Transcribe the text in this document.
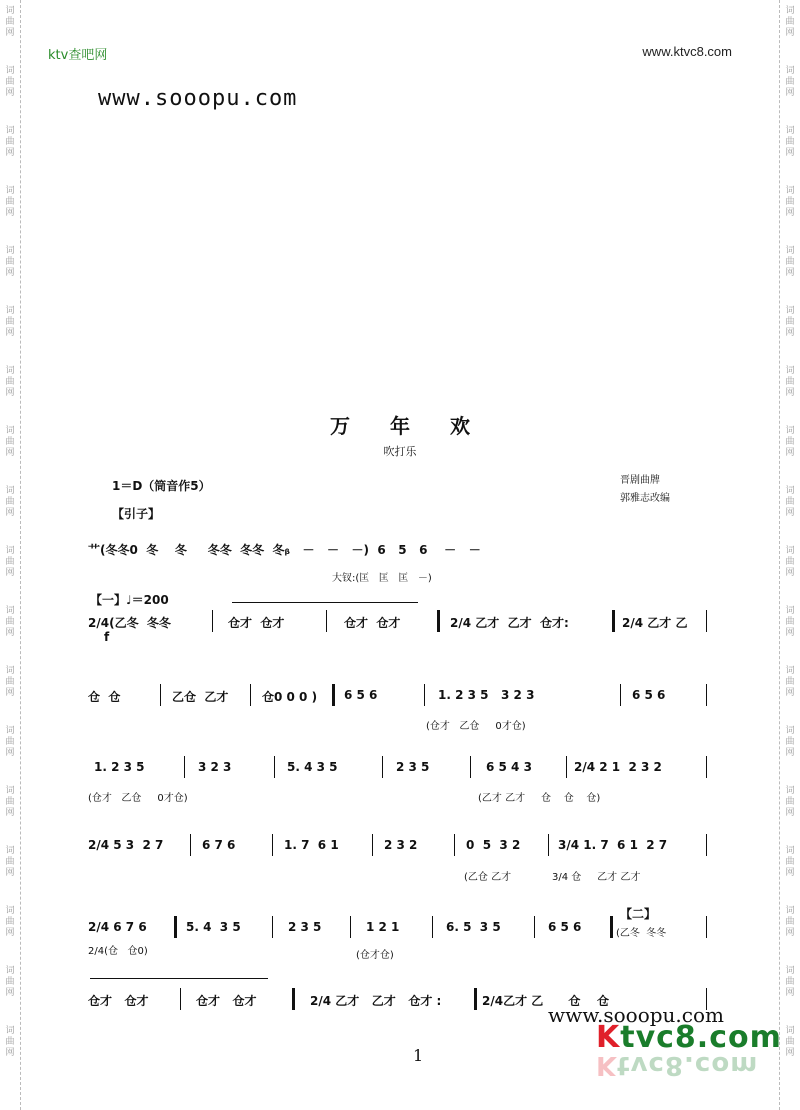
词
曲
网
词
曲
网
词
曲
网
词
曲
网
词
曲
网
词
曲
网
词
曲
网
词
曲
网
词
曲
网
词
曲
网
词
曲
网
词
曲
网
词
曲
网
词
曲
网
词
曲
网
词
曲
网
词
曲
网
词
曲
网
词
曲
网
词
曲
网
词
曲
网
词
曲
网
词
曲
网
词
曲
网
词
曲
网
词
曲
网
词
曲
网
词
曲
网
词
曲
网
词
曲
网
词
曲
网
词
曲
网
词
曲
网
词
曲
网
词
曲
网
词
曲
网
ktv查吧网	www.ktvc8.com
www.sooopu.com
万年欢
吹打乐
1＝D（筒音作5）	晋剧曲牌
郭雅志改编
【引子】
艹(冬冬0  冬    冬     冬冬  冬冬  冬ᵦ   －   －   －)  6   5   6    －   －
大钗:(匡   匡   匡   －)
【一】♩＝200
2/4(乙冬  冬冬
f
仓才  仓才	仓才  仓才	2/4 乙才  乙才  仓才:	2/4 乙才 乙
仓  仓	乙仓  乙才	仓0 0 0 ) 6 5 6	1. 2 3 5   3 2 3	6 5 6
(仓才   乙仓     0才仓)
1. 2 3 5	3 2 3	5. 4 3 5	2 3 5	6 5 4 3	2/4 2 1  2 3 2
(仓才   乙仓     0才仓)	(乙才 乙才     仓    仓    仓)
2/4 5 3  2 7	6 7 6	1. 7  6 1	2 3 2	0  5  3 2	3/4 1. 7  6 1  2 7
(乙仓 乙才	3/4 仓     乙才 乙才
【二】
2/4 6 7 6	5. 4  3 5	2 3 5	1 2 1	6. 5  3 5	6 5 6	(乙冬  冬冬
2/4(仓   仓0)	(仓才仓)
仓才   仓才	仓才   仓才	2/4 乙才   乙才   仓才 :	2/4乙才 乙      仓    仓
www.sooopu.com
1
Ktvc8.com
Ktvc8.com
